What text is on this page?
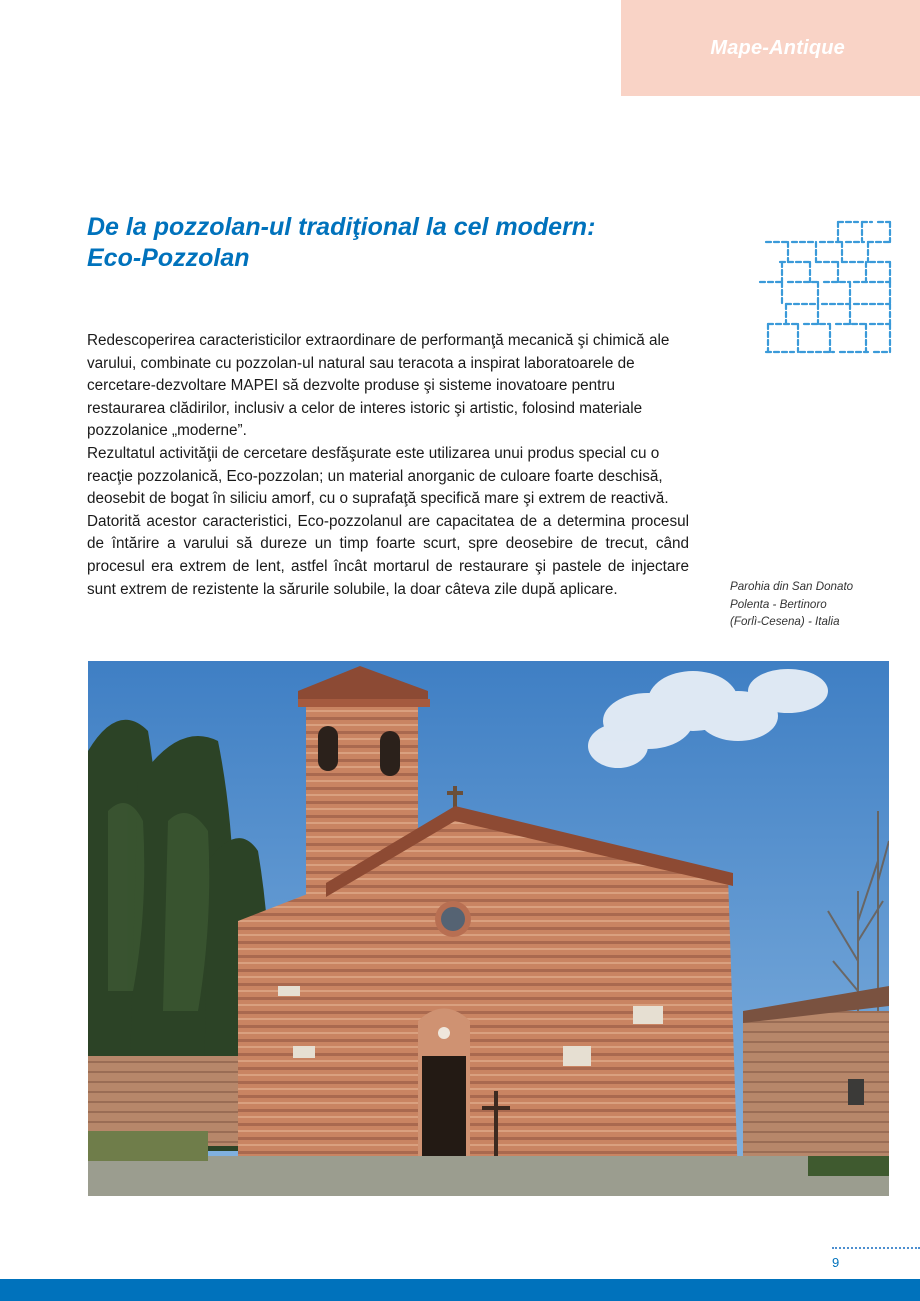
Mape-Antique
De la pozzolan-ul tradiţional la cel modern:
Eco-Pozzolan

Redescoperirea caracteristicilor extraordinare de performanţă mecanică şi chimică ale varului, combinate cu pozzolan-ul natural sau teracota a inspirat laboratoarele de cercetare-dezvoltare MAPEI să dezvolte produse şi sisteme inovatoare pentru restaurarea clădirilor, inclusiv a celor de interes istoric şi artistic, folosind materiale pozzolanice „moderne”.

Rezultatul activităţii de cercetare desfăşurate este utilizarea unui produs special cu o reacţie pozzolanică, Eco-pozzolan; un material anorganic de culoare foarte deschisă, deosebit de bogat în siliciu amorf, cu o suprafaţă specifică mare şi extrem de reactivă.

Datorită acestor caracteristici, Eco-pozzolanul are capacitatea de a determina procesul de întărire a varului să dureze un timp foarte scurt, spre deosebire de trecut, când procesul era extrem de lent, astfel încât mortarul de restaurare şi pastele de injectare sunt extrem de rezistente la sărurile solubile, la doar câteva zile după aplicare.	Parohia din San Donato
Polenta - Bertinoro
(Forlì-Cesena) - Italia
9
